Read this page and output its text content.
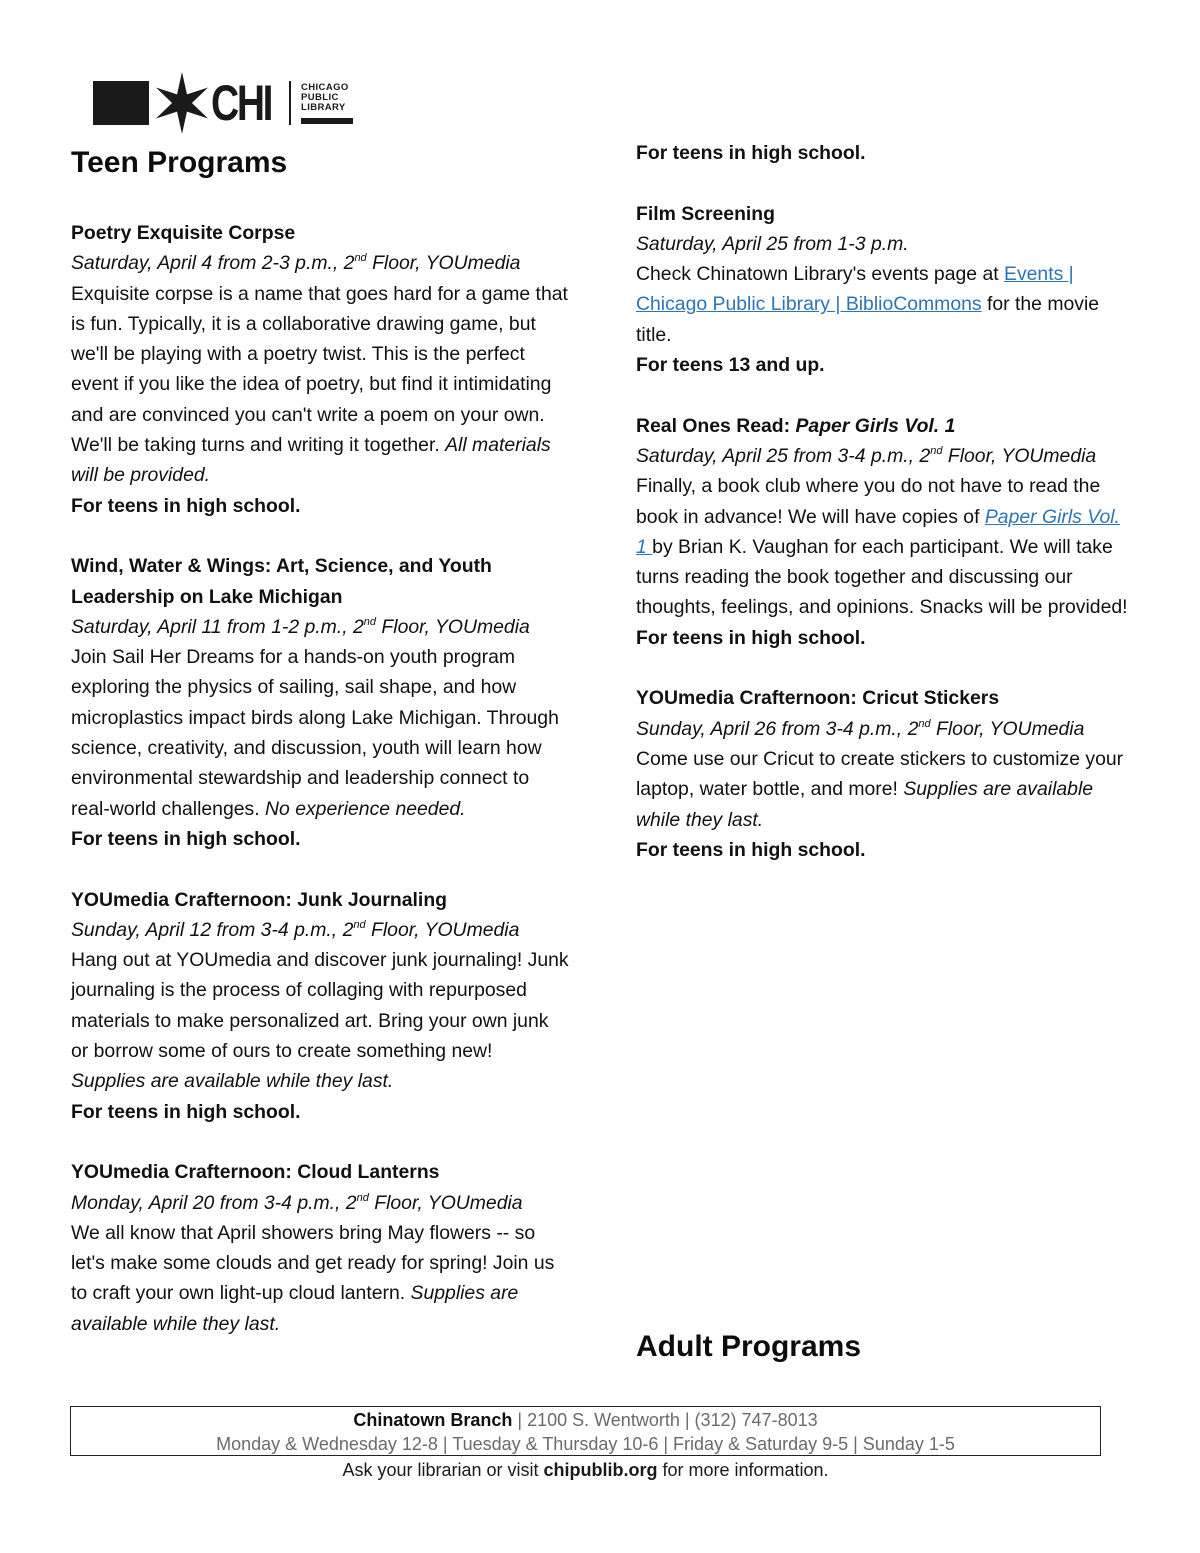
CHI	CHICAGO
PUBLIC
LIBRARY
Teen Programs
Adult Programs
Poetry Exquisite Corpse
Saturday, April 4 from 2-3 p.m., 2nd Floor, YOUmedia
Exquisite corpse is a name that goes hard for a game that is fun. Typically, it is a collaborative drawing game, but we'll be playing with a poetry twist. This is the perfect event if you like the idea of poetry, but find it intimidating and are convinced you can't write a poem on your own. We'll be taking turns and writing it together. All materials will be provided.
For teens in high school.
Wind, Water & Wings: Art, Science, and Youth Leadership on Lake Michigan
Saturday, April 11 from 1-2 p.m., 2nd Floor, YOUmedia
Join Sail Her Dreams for a hands-on youth program exploring the physics of sailing, sail shape, and how microplastics impact birds along Lake Michigan. Through science, creativity, and discussion, youth will learn how environmental stewardship and leadership connect to real-world challenges. No experience needed.
For teens in high school.
YOUmedia Crafternoon: Junk Journaling
Sunday, April 12 from 3-4 p.m., 2nd Floor, YOUmedia
Hang out at YOUmedia and discover junk journaling! Junk journaling is the process of collaging with repurposed materials to make personalized art. Bring your own junk or borrow some of ours to create something new! Supplies are available while they last.
For teens in high school.
YOUmedia Crafternoon: Cloud Lanterns
Monday, April 20 from 3-4 p.m., 2nd Floor, YOUmedia
We all know that April showers bring May flowers -- so let's make some clouds and get ready for spring! Join us to craft your own light-up cloud lantern. Supplies are available while they last.
For teens in high school.
Film Screening
Saturday, April 25 from 1-3 p.m.
Check Chinatown Library's events page at Events | Chicago Public Library | BiblioCommons for the movie title.
For teens 13 and up.
Real Ones Read: Paper Girls Vol. 1
Saturday, April 25 from 3-4 p.m., 2nd Floor, YOUmedia
Finally, a book club where you do not have to read the book in advance! We will have copies of Paper Girls Vol. 1 by Brian K. Vaughan for each participant. We will take turns reading the book together and discussing our thoughts, feelings, and opinions. Snacks will be provided!
For teens in high school.
YOUmedia Crafternoon: Cricut Stickers
Sunday, April 26 from 3-4 p.m., 2nd Floor, YOUmedia
Come use our Cricut to create stickers to customize your laptop, water bottle, and more! Supplies are available while they last.
For teens in high school.
Chinatown Branch | 2100 S. Wentworth | (312) 747-8013
Monday & Wednesday 12-8 | Tuesday & Thursday 10-6 | Friday & Saturday 9-5 | Sunday 1-5
Ask your librarian or visit chipublib.org for more information.
